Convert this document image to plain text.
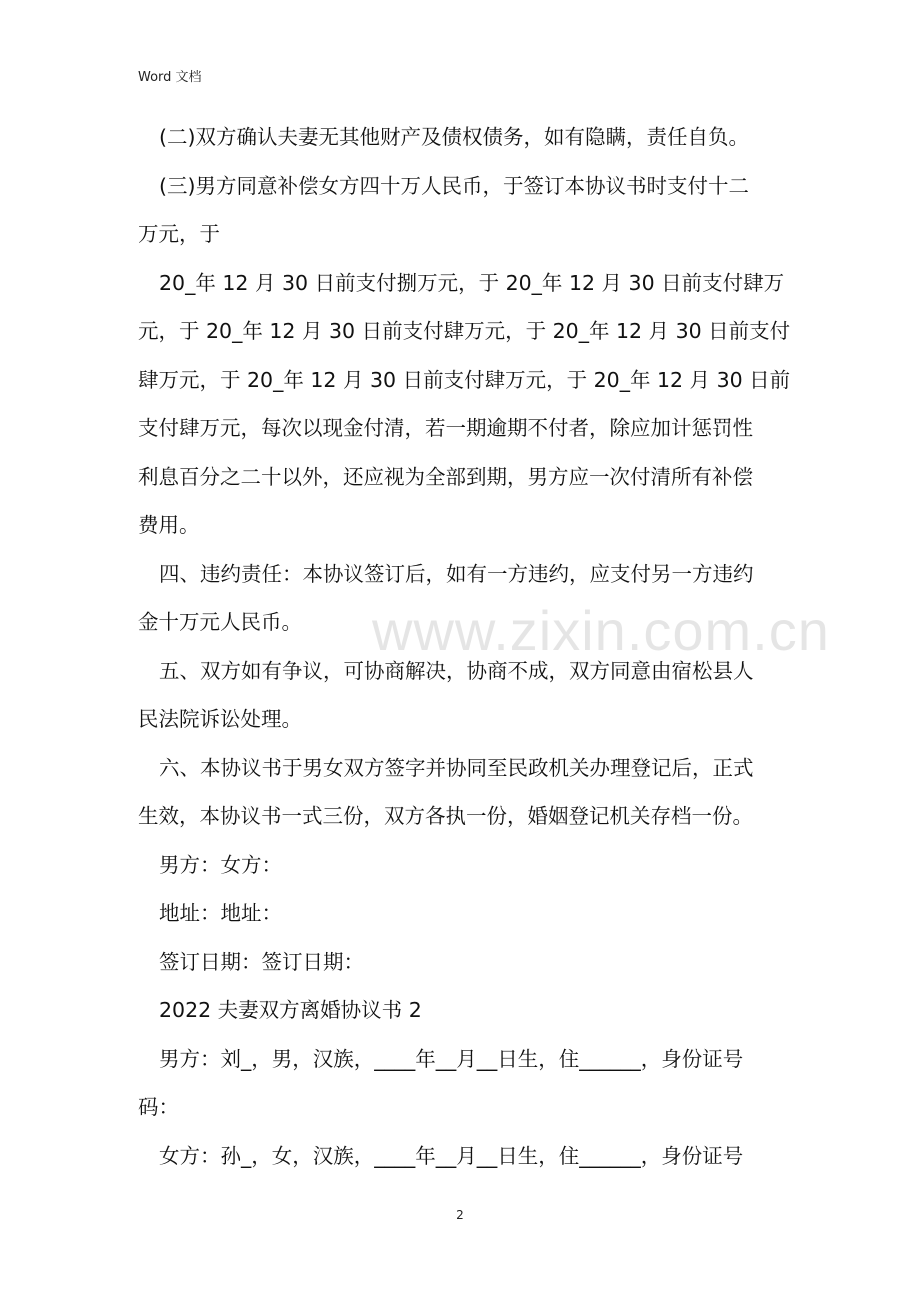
Word 文档
www.zixin.com.cn
(二)双方确认夫妻无其他财产及债权债务，如有隐瞒，责任自负。
(三)男方同意补偿女方四十万人民币，于签订本协议书时支付十二
万元，于
20_年 12 月 30 日前支付捌万元，于 20_年 12 月 30 日前支付肆万
元，于 20_年 12 月 30 日前支付肆万元，于 20_年 12 月 30 日前支付
肆万元，于 20_年 12 月 30 日前支付肆万元，于 20_年 12 月 30 日前
支付肆万元，每次以现金付清，若一期逾期不付者，除应加计惩罚性
利息百分之二十以外，还应视为全部到期，男方应一次付清所有补偿
费用。
四、违约责任：本协议签订后，如有一方违约，应支付另一方违约
金十万元人民币。
五、双方如有争议，可协商解决，协商不成，双方同意由宿松县人
民法院诉讼处理。
六、本协议书于男女双方签字并协同至民政机关办理登记后，正式
生效，本协议书一式三份，双方各执一份，婚姻登记机关存档一份。
男方：女方：
地址：地址：
签订日期：签订日期：
2022 夫妻双方离婚协议书 2
男方：刘_，男，汉族，____年__月__日生，住______，身份证号
码：
女方：孙_，女，汉族，____年__月__日生，住______，身份证号
2
